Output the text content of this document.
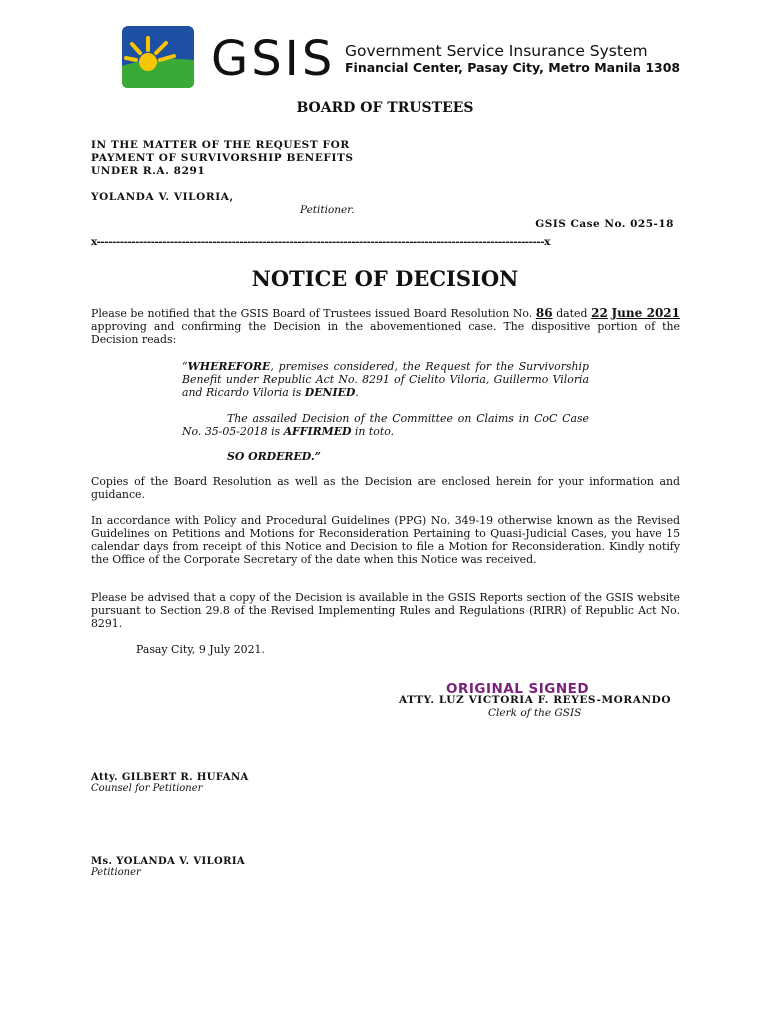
GSIS Government Service Insurance System
Financial Center, Pasay City, Metro Manila 1308
BOARD OF TRUSTEES
IN THE MATTER OF THE REQUEST FOR
PAYMENT OF SURVIVORSHIP BENEFITS
UNDER R.A. 8291
YOLANDA V. VILORIA,
Petitioner.
GSIS Case No. 025-18
x--------------------------------------------------------------------------------------------------------------------x
NOTICE OF DECISION
Please be notified that the GSIS Board of Trustees issued Board Resolution No. 86 dated 22 June 2021 approving and confirming the Decision in the abovementioned case. The dispositive portion of the Decision reads:
“WHEREFORE, premises considered, the Request for the Survivorship Benefit under Republic Act No. 8291 of Cielito Viloria, Guillermo Viloria and Ricardo Viloria is DENIED.
The assailed Decision of the Committee on Claims in CoC Case No. 35-05-2018 is AFFIRMED in toto.
SO ORDERED.”
Copies of the Board Resolution as well as the Decision are enclosed herein for your information and guidance.
In accordance with Policy and Procedural Guidelines (PPG) No. 349-19 otherwise known as the Revised Guidelines on Petitions and Motions for Reconsideration Pertaining to Quasi-Judicial Cases, you have 15 calendar days from receipt of this Notice and Decision to file a Motion for Reconsideration. Kindly notify the Office of the Corporate Secretary of the date when this Notice was received.
Please be advised that a copy of the Decision is available in the GSIS Reports section of the GSIS website pursuant to Section 29.8 of the Revised Implementing Rules and Regulations (RIRR) of Republic Act No. 8291.
Pasay City, 9 July 2021.
ORIGINAL SIGNED
ATTY. LUZ VICTORIA F. REYES-MORANDO
Clerk of the GSIS
Atty. GILBERT R. HUFANA
Counsel for Petitioner
Ms. YOLANDA V. VILORIA
Petitioner
